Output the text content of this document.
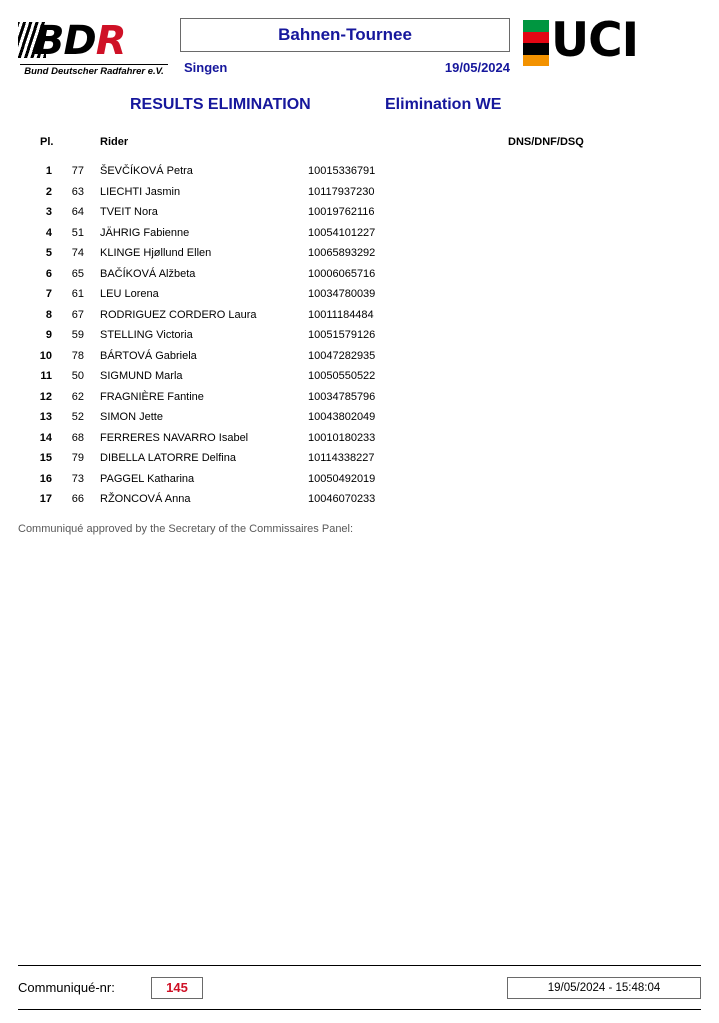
BDR
Bund Deutscher Radfahrer e.V.
Bahnen-Tournee
Singen	19/05/2024 UCI
RESULTS ELIMINATION	Elimination WE
Pl.	Rider	DNS/DNF/DSQ
1	77 ŠEVČÍKOVÁ Petra	10015336791
2	63 LIECHTI Jasmin	10117937230
3	64 TVEIT Nora	10019762116
4	51 JÄHRIG Fabienne	10054101227
5	74 KLINGE Hjøllund Ellen	10065893292
6	65 BAČÍKOVÁ Alžbeta	10006065716
7	61 LEU Lorena	10034780039
8	67 RODRIGUEZ CORDERO Laura	10011184484
9	59 STELLING Victoria	10051579126
10	78 BÁRTOVÁ Gabriela	10047282935
11	50 SIGMUND Marla	10050550522
12	62 FRAGNIÈRE Fantine	10034785796
13	52 SIMON Jette	10043802049
14	68 FERRERES NAVARRO Isabel	10010180233
15	79 DIBELLA LATORRE Delfina	10114338227
16	73 PAGGEL Katharina	10050492019
17	66 RŽONCOVÁ Anna	10046070233
Communiqué approved by the Secretary of the Commissaires Panel:
Communiqué-nr:	145	19/05/2024 - 15:48:04
